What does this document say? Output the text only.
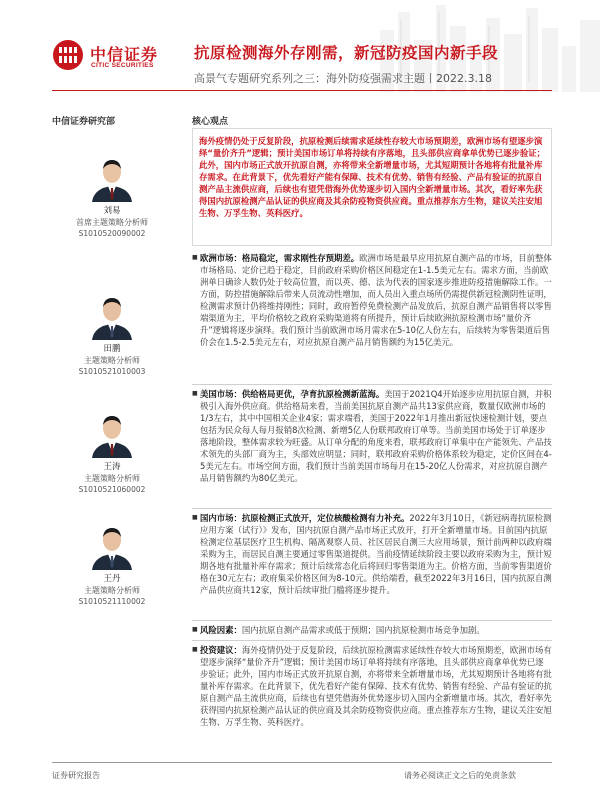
中信证券
CITIC SECURITIES
抗原检测海外存刚需，新冠防疫国内新手段
高景气专题研究系列之三：海外防疫强需求主题丨2022.3.18
中信证券研究部
刘易
首席主题策略分析师
S1010520090002
田鹏
主题策略分析师
S1010521010003
王涛
主题策略分析师
S1010521060002
王丹
主题策略分析师
S1010521110002
核心观点
海外疫情仍处于反复阶段，抗原检测后续需求延续性存较大市场预期差，欧洲市场有望逐步演绎“量价齐升”逻辑；预计美国市场订单将持续有序落地，且头部供应商拿单优势已逐步验证；此外，国内市场正式放开抗原自测，亦将带来全新增量市场，尤其短期预计各地将有批量补库存需求。在此背景下，优先看好产能有保障、技术有优势、销售有经验、产品有验证的抗原自测产品主流供应商，后续也有望凭借海外优势逐步切入国内全新增量市场。其次，看好率先获得国内抗原检测产品认证的供应商及其余防疫物资供应商。重点推荐东方生物，建议关注安旭生物、万孚生物、英科医疗。
■ 欧洲市场：格局稳定，需求刚性存预期差。欧洲市场是最早应用抗原自测产品的市场，目前整体市场格局、定价已趋于稳定，目前政府采购价格区间稳定在1-1.5美元左右。需求方面，当前欧洲单日确诊人数仍处于较高位置，而以英、德、法为代表的国家逐步推进防疫措施解除工作。一方面，防控措施解除后带来人员流动性增加，而人员出入重点场所仍需提供新冠检测阴性证明，检测需求预计仍将维持刚性；同时，政府暂停免费检测产品发放后，抗原自测产品销售将以零售端渠道为主，平均价格较之政府采购渠道将有所提升，预计后续欧洲抗原检测市场“量价齐升”逻辑将逐步演绎。我们预计当前欧洲市场月需求在5-10亿人份左右，后续转为零售渠道后售价会在1.5-2.5美元左右，对应抗原自测产品月销售额约为15亿美元。
■ 美国市场：供给格局更优，孕育抗原检测新蓝海。美国于2021Q4开始逐步应用抗原自测，并积极引入海外供应商。供给格局来看，当前美国抗原自测产品共13家供应商，数量仅欧洲市场的1/3左右，其中中国相关企业4家；需求端看，美国于2022年1月推出新冠快速检测计划，要点包括为民众每人每月报销8次检测、新增5亿人份联邦政府订单等。当前美国市场处于订单逐步落地阶段，整体需求较为旺盛。从订单分配的角度来看，联邦政府订单集中在产能领先、产品技术领先的头部厂商为主，头部效应明显；同时，联邦政府采购价格体系较为稳定，定价区间在4-5美元左右。市场空间方面，我们预计当前美国市场每月在15-20亿人份需求，对应抗原自测产品月销售额约为80亿美元。
■ 国内市场：抗原检测正式放开，定位核酸检测有力补充。2022年3月10日，《新冠病毒抗原检测应用方案（试行）》发布，国内抗原自测产品市场正式放开，打开全新增量市场。目前国内抗原检测定位基层医疗卫生机构、隔离观察人员、社区居民自测三大应用场景，预计前两种以政府端采购为主，而居民自测主要通过零售渠道提供。当前疫情延续阶段主要以政府采购为主，预计短期各地有批量补库存需求；预计后续常态化后将回归零售渠道为主。价格方面，当前零售渠道价格在30元左右；政府集采价格区间为8-10元。供给端看，截至2022年3月16日，国内抗原自测产品供应商共12家，预计后续审批门槛将逐步提升。
■ 风险因素：国内抗原自测产品需求或低于预期；国内抗原检测市场竞争加剧。
■ 投资建议：海外疫情仍处于反复阶段，后续抗原检测需求延续性存较大市场预期差，欧洲市场有望逐步演绎“量价齐升”逻辑；预计美国市场订单将持续有序落地，且头部供应商拿单优势已逐步验证；此外，国内市场正式放开抗原自测，亦将带来全新增量市场，尤其短期预计各地将有批量补库存需求。在此背景下，优先看好产能有保障、技术有优势、销售有经验、产品有验证的抗原自测产品主流供应商，后续也有望凭借海外优势逐步切入国内全新增量市场。其次，看好率先获得国内抗原检测产品认证的供应商及其余防疫物资供应商。重点推荐东方生物，建议关注安旭生物、万孚生物、英科医疗。
证券研究报告	请务必阅读正文之后的免责条款
